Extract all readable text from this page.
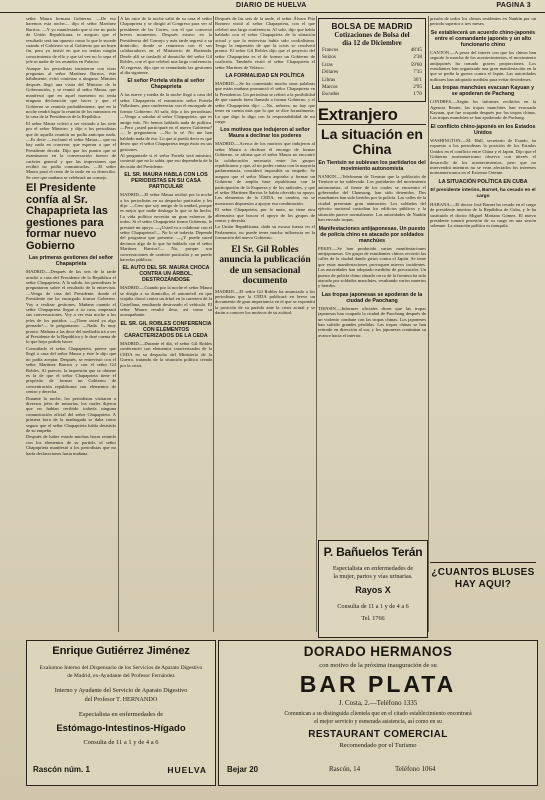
DIARIO DE HUELVA	PAGINA 3

señor Maura formara Gobierno. —De eso haremos esta noche— dijo el señor Martínez Barrios. —Y yo manifestado que si ese no pudo de Unión Republicana, te aseguro que el resultado será tan opuesto como lo que le sucede cuando el Gobierno va al Gobierno por un buen fin, pero yo insistí en que no tenían ningún conocimiento de ello y que tal vez no lo sepa el jefe ni nadie de los reunidos en Palacio.

Aunque los periodistas insistieron con otras preguntas al señor Martínez Barrios, éste hábilmente, evitó contestar a ninguna. Minutos después llegó una visita del Ministro de la Gobernación, y se reunió al señor Maura, que manifestó que en aquel momento no tenía ninguna declaración que hacer y que el Gobierno se reuniría probablemente, que en la noche tendrá lugar la reunión de los ministros en la casa de la Presidencia de la República.

El señor Maura volvió a ser visitado a las siete por el señor Ministro, y dijo a los periodistas que de aquella reunión no podía anticipar nada. —Es decir —exclamó el señor Maura— que no hay nada en concreto; que esperan a que el Presidente decida. Dijo que los puntos que se examinaron en la conversación fueron de carácter general y que las impresiones que recibió no podía comunicarlas. —El señor Maura pasó el resto de la tarde en su domicilio. Se cree que mañana se celebrará un consejo.

El Presidente confía al Sr. Chapaprieta las gestiones para formar nuevo Gobierno
Las primeras gestiones del señor Chapaprieta

MADRID.—Después de las seis de la tarde acudió a casa del Presidente de la República el señor Chapaprieta. A la salida, los periodistas le preguntaron sobre el resultado de la entrevista. —Vengo de casa del Presidente, donde el Presidente me ha encargado formar Gobierno. Voy a realizar gestiones. Mañana cuando el señor Chapaprieta llegue a su casa, empezará sus conversaciones. Voy a ver esta noche a los jefes de los partidos. —¿Tiene usted ya algo pensado?— le preguntaron. —Nada. Es muy pronto. Mañana a las doce del mediodía irá a ver al Presidente de la República y le daré cuenta de lo que haya podido hacer.

Consultado el señor Chapaprieta, parece que llegó a casa del señor Maura y éste le dijo que no podía aceptar. Después, se entrevistó con el señor Martínez Barrios y con el señor Gil Robles. Al parecer, la impresión que se obtiene es la de que el señor Chapaprieta tiene el propósito de formar un Gobierno de concentración republicana con elementos de centro y derecha.

Durante la noche, los periodistas visitaron a diversos jefes de minorías, los cuales dijeron que no habían recibido todavía ninguna comunicación oficial del señor Chapaprieta. A primera hora de la madrugada se daba como seguro que el señor Chapaprieta había desistido de su empeño.

Después de haber estado muchas horas reunido con los elementos de su partido, el señor Chapaprieta manifestó a los periodistas que no haría declaraciones hasta mañana.

A las once de la noche salió de su casa el señor Chapaprieta y se dirigió al Congreso para ver al presidente de las Cortes, con el que conversó breves momentos. Después estuvo en la Presidencia del Consejo y más tarde regresó a su domicilio, donde se reunieron con él sus colaboradores en el Ministerio de Hacienda. Desde allí se trasladó al domicilio del señor Gil Robles, con el que celebró una larga conferencia. Al regresar, dijo que se reanudarán las gestiones al día siguiente.

El señor Portela visita al señor Chapaprieta

A las nueve y media de la noche llegó a casa del señor Chapaprieta el exministro señor Portela Valladares, para conferenciar con el encargado de formar Gobierno. Al salir, dijo a los periodistas: —Vengo a saludar al señor Chapaprieta, que es amigo mío. No hemos hablado nada de política. —Pero ¿usted participará en el nuevo Gobierno?— le preguntaron. —No lo sé. No me han hablado nada de eso. Lo que sí puedo decir es que deseo que el señor Chapaprieta tenga éxito en sus gestiones.

Al preguntarle si el señor Portela será ministro, contestó que no lo sabía, que eso dependería de la decisión del Presidente.

EL SR. MAURA HABLA CON LOS PERIODISTAS EN SU CASA PARTICULAR

MADRID.—El señor Maura recibió por la noche a los periodistas en su despacho particular y les dijo: —Creo que soy amigo de la unidad, porque es mejor que nadie deshaga lo que se ha hecho. La vida política necesita un gran esfuerzo de todos. Si el señor Chapaprieta forma Gobierno, le prestaré mi apoyo. —¿Usted va a colaborar con el señor Chapaprieta?— No lo sé todavía. Depende del programa que presente. —¿Y puede usted decirnos algo de lo que ha hablado con el señor Martínez Barrios?— No, porque son conversaciones de carácter particular y no puedo hacerlas públicas.

EL AUTO DEL SR. MAURA CHOCA CONTRA UN ÁRBOL, DESTROZÁNDOSE

MADRID.—Cuando por la noche el señor Maura se dirigía a su domicilio, el automóvil en que viajaba chocó contra un árbol en la carretera de la Castellana, resultando destrozado el vehículo. El señor Maura resultó ileso, así como su acompañante.

EL SR. GIL ROBLES CONFERENCIA CON ELEMENTOS CARACTERIZADOS DE LA CEDA

MADRID.—Durante el día, el señor Gil Robles conferenció con elementos caracterizados de la CEDA en su despacho del Ministerio de la Guerra, tratando de la situación política creada por la crisis.

Después de las seis de la tarde, el señor Álvaro Pita Romero visitó al señor Chapaprieta, con el que celebró una larga conferencia. Al salir, dijo que había hablado con el señor Chapaprieta de la situación actual y que la entrevista había sido cordialísima. Tengo la impresión de que la crisis se resolverá pronto. El señor Gil Robles dijo que el proyecto del señor Chapaprieta es el de formar un Gobierno de coalición. También visitó al señor Chapaprieta el señor Martínez de Velasco.

LA FORMALIDAD EN POLÍTICA

MADRID.—Se ha comentado mucho unas palabras que están mañana pronunció el señor Chapaprieta en la Presidencia. Un periodista se refirió a la posibilidad de que cuando fuera llamado a formar Gobierno, y el señor Chapaprieta dijo: —No, señores; no hay que tener en cuenta más que lo que se dice formalmente. Lo que digo lo digo con la responsabilidad de mi cargo.

Los motivos que indujeron al señor Maura a declinar los poderes

MADRID.—Acerca de los motivos que indujeron al señor Maura a declinar el encargo de formar Gobierno, se afirma que el señor Maura no encontró la colaboración necesaria entre los grupos republicanos y que, al no poder contar con la mayoría parlamentaria, consideró imposible su empeño. Se asegura que el señor Maura aspiraba a formar un Gobierno de amplia base republicana con la participación de la Esquerra y de los radicales, y que el señor Martínez Barrios le había ofrecido su apoyo. Los elementos de la CEDA, en cambio, no se mostraron dispuestos a apoyar esa combinación.

El señor Chapaprieta, por lo tanto, no tiene otra alternativa que buscar el apoyo de los grupos de centro y derecha.

La Unión Republicana, dada su escasa fuerza en el Parlamento, no puede tener mucha influencia en la formación del nuevo Gobierno.

El Sr. Gil Robles anuncia la publicación de un sensacional documento

MADRID.—El señor Gil Robles ha anunciado a los periodistas que la CEDA publicará en breve un documento de gran importancia en el que se expondrá la posición de su partido ante la crisis actual y se darán a conocer los motivos de su actitud.

BOLSA DE MADRID
Cotizaciones de Bolsa del
día 12 de Diciembre
Francos	48'45
Suizos	2'38
Liras	59'60
Dólares	7'35
Libras	36'1
Marcos	2'95
Escudos	1'70
Extranjero
La situación en China
En Tientsin se sublevan los partidarios del movimiento autonomista

NANKIN.—Telefonean de Tientsin que la población de Tientsin se ha sublevado. Los partidarios del movimiento autonomista, al frente de los cuales se encuentra el gobernador del Chansung, han sido detenidos. Dos estudiantes han sido heridos por la policía. Las calles de la ciudad presentan gran animación. Los soldados del ejército nacional custodian los edificios públicos y la situación parece normalizarse. Las autoridades de Nankín han enviado tropas.

Manifestaciones antijaponesas. Un puesto de policía chino es atacado por soldados manchúes

PEKIN.—Se han producido varias manifestaciones antijaponesas. Un grupo de estudiantes chinos recorrió las calles de la ciudad dando gritos contra el Japón. Se teme que estas manifestaciones provoquen nuevos incidentes. Las autoridades han adoptado medidas de precaución. Un puesto de policía chino situado cerca de la frontera ha sido atacado por soldados manchúes, resultando varios muertos y heridos.

Las tropas japonesas se apoderan de la ciudad de Paochang

TIENSIN.—Informes oficiales dicen que las tropas japonesas han ocupado la ciudad de Paochang después de un violento combate con las tropas chinas. Los japoneses han sufrido grandes pérdidas. Las tropas chinas se han retirado en dirección al sur, y los japoneses continúan su avance hacia el interior.

P. Bañuelos Terán
Especialista en enfermedades de
la mujer, partos y vías urinarias.
Rayos X
Consulta de 11 a 1 y de 4 a 6
Tel. 1766

prisión de todos los chinos residentes en Nankín por un periodo superior a tres meses.

Se establecerá un acuerdo chino-japonés entre el comandante japonés y un alto funcionario chino

CANTON.—A pesar del interés con que los chinos han seguido la marcha de los acontecimientos, el movimiento antijaponés ha tomado graves proporciones. Los estudiantes han organizado una gran manifestación en la que se pedía la guerra contra el Japón. Las autoridades militares han adoptado medidas para evitar desórdenes.

Las tropas manchúes evacuan Kayuan y se apoderan de Pachang

LONDRES.—Según los informes recibidos en la Agencia Reuter, las tropas manchúes han evacuado Kayuan, que fue ocupada después por las tropas chinas. Las tropas manchúes se han apoderado de Pachang.

El conflicto chino-japonés en los Estados Unidos

WASHINGTON.—M. Hull, secretario de Estado, ha expuesto a los periodistas la posición de los Estados Unidos en el conflicto entre China y el Japón. Dijo que el Gobierno norteamericano observa con interés el desarrollo de los acontecimientos, pero que no intervendrá mientras no se vean afectados los intereses norteamericanos en el Extremo Oriente.

LA SITUACIÓN POLÍTICA EN CUBA
El presidente interino, Barnet, ha cesado en el cargo

HABANA.—El doctor José Barnet ha cesado en el cargo de presidente interino de la República de Cuba, y le ha sustituido el doctor Miguel Mariano Gómez. El nuevo presidente tomará posesión de su cargo en una sesión solemne. La situación política es tranquila.

¿CUANTOS BLUSES HAY AQUI?
Enrique Gutiérrez Jiménez
Exalumno Interno del Dispensario de los Servicios de Aparato Digestivo
de Madrid, ex-Ayudante del Profesor Fernández
Interno y Ayudante del Servicio de Aparato Digestivo
del Profesor T. HERNANDO
Especialista en enfermedades de
Estómago-Intestinos-Hígado
Consulta de 11 a 1 y de 4 a 6
Rascón núm. 1	HUELVA
DORADO HERMANOS
con motivo de la próxima inauguración de su
BAR PLATA
J. Costa, 2.—Teléfono 1335
Comunican a su distinguida clientela que en el citado establecimiento encontrará
el mejor servicio y esmerada asistencia, así como en su
RESTAURANT COMERCIAL
Recomendado por el Turismo
Bejar 20	Rascón, 14	Teléfono 1064
